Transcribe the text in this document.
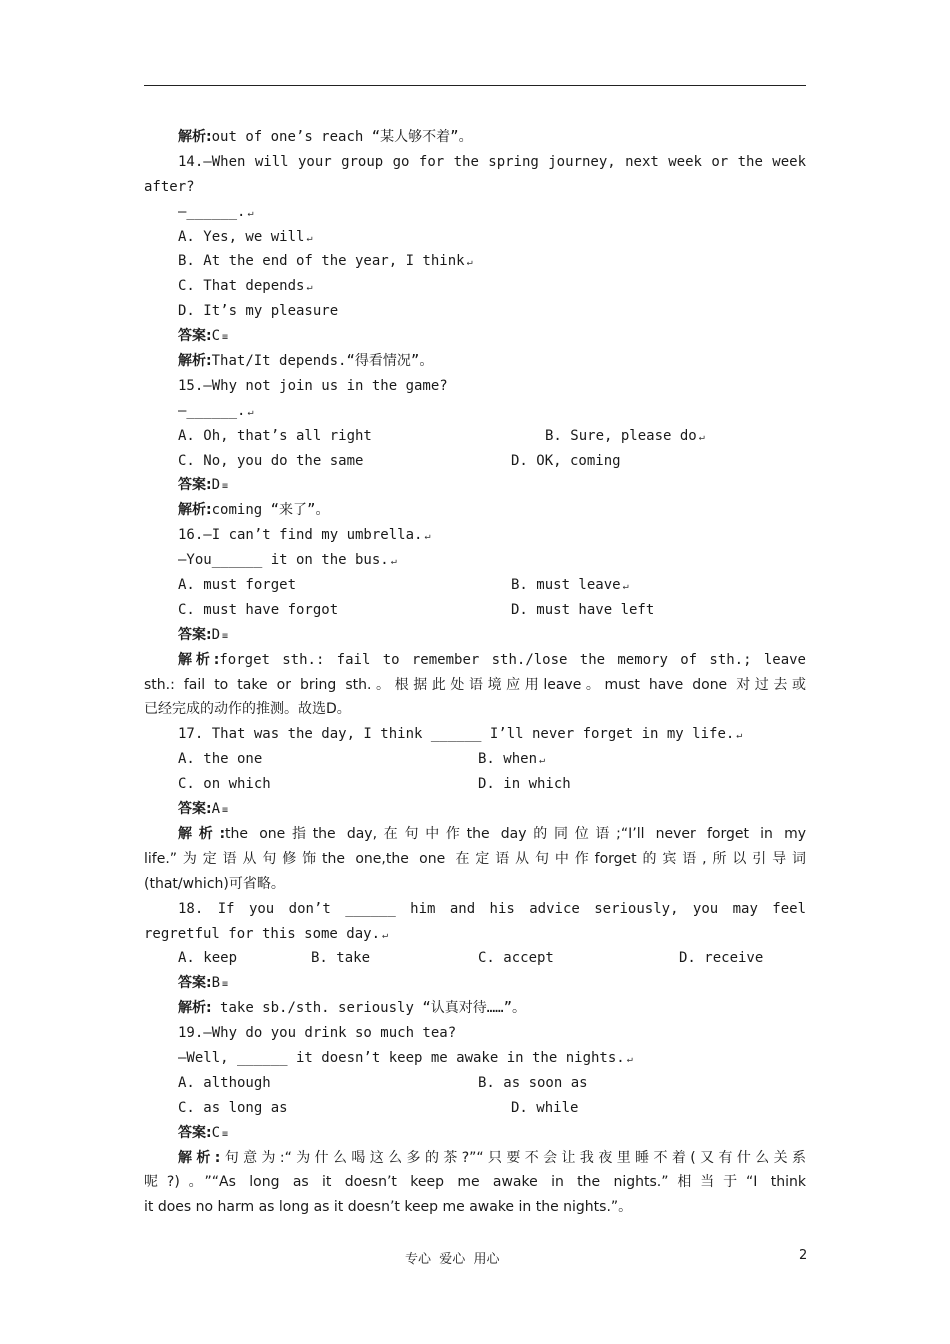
解析:out of one’s reach “某人够不着”。
14.—When will your group go for the spring journey, next week or the week
after?
—______. ↵
A. Yes, we will ↵
B. At the end of the year, I think ↵
C. That depends ↵
D. It’s my pleasure
答案:C ≡
解析:That/It depends.“得看情况”。
15.—Why not join us in the game?
—______. ↵
A. Oh, that’s all right	B. Sure, please do ↵
C. No, you do the same	D. OK, coming
答案:D ≡
解析:coming “来了”。
16.—I can’t find my umbrella. ↵
—You______ it on the bus. ↵
A. must forget	B. must leave ↵
C. must have forgot	D. must have left
答案:D ≡
解析:forget sth.: fail to remember sth./lose the memory of sth.; leave
sth.: fail to take or bring sth.。根据此处语境应用leave。must have done 对过去或
已经完成的动作的推测。故选D。
17. That was the day, I think ______ I’ll never forget in my life. ↵
A. the one	B. when ↵
C. on which	D. in which
答案:A ≡
解析:the one指the day,在句中作the day的同位语;“I’ll never forget in my
life.”为定语从句修饰the one,the one 在定语从句中作forget的宾语,所以引导词
(that/which)可省略。
18. If you don’t ______ him and his advice seriously, you may feel
regretful for this some day. ↵
A. keep	B. take	C. accept	D. receive
答案:B ≡
解析: take sb./sth. seriously “认真对待……”。
19.—Why do you drink so much tea?
—Well, ______ it doesn’t keep me awake in the nights. ↵
A. although	B. as soon as
C. as long as	D. while
答案:C ≡
解析:句意为:“为什么喝这么多的茶?”“只要不会让我夜里睡不着(又有什么关系
呢?)。”“As long as it doesn’t keep me awake in the nights.”相当于“I think
it does no harm as long as it doesn’t keep me awake in the nights.”。
专心  爱心  用心	2
